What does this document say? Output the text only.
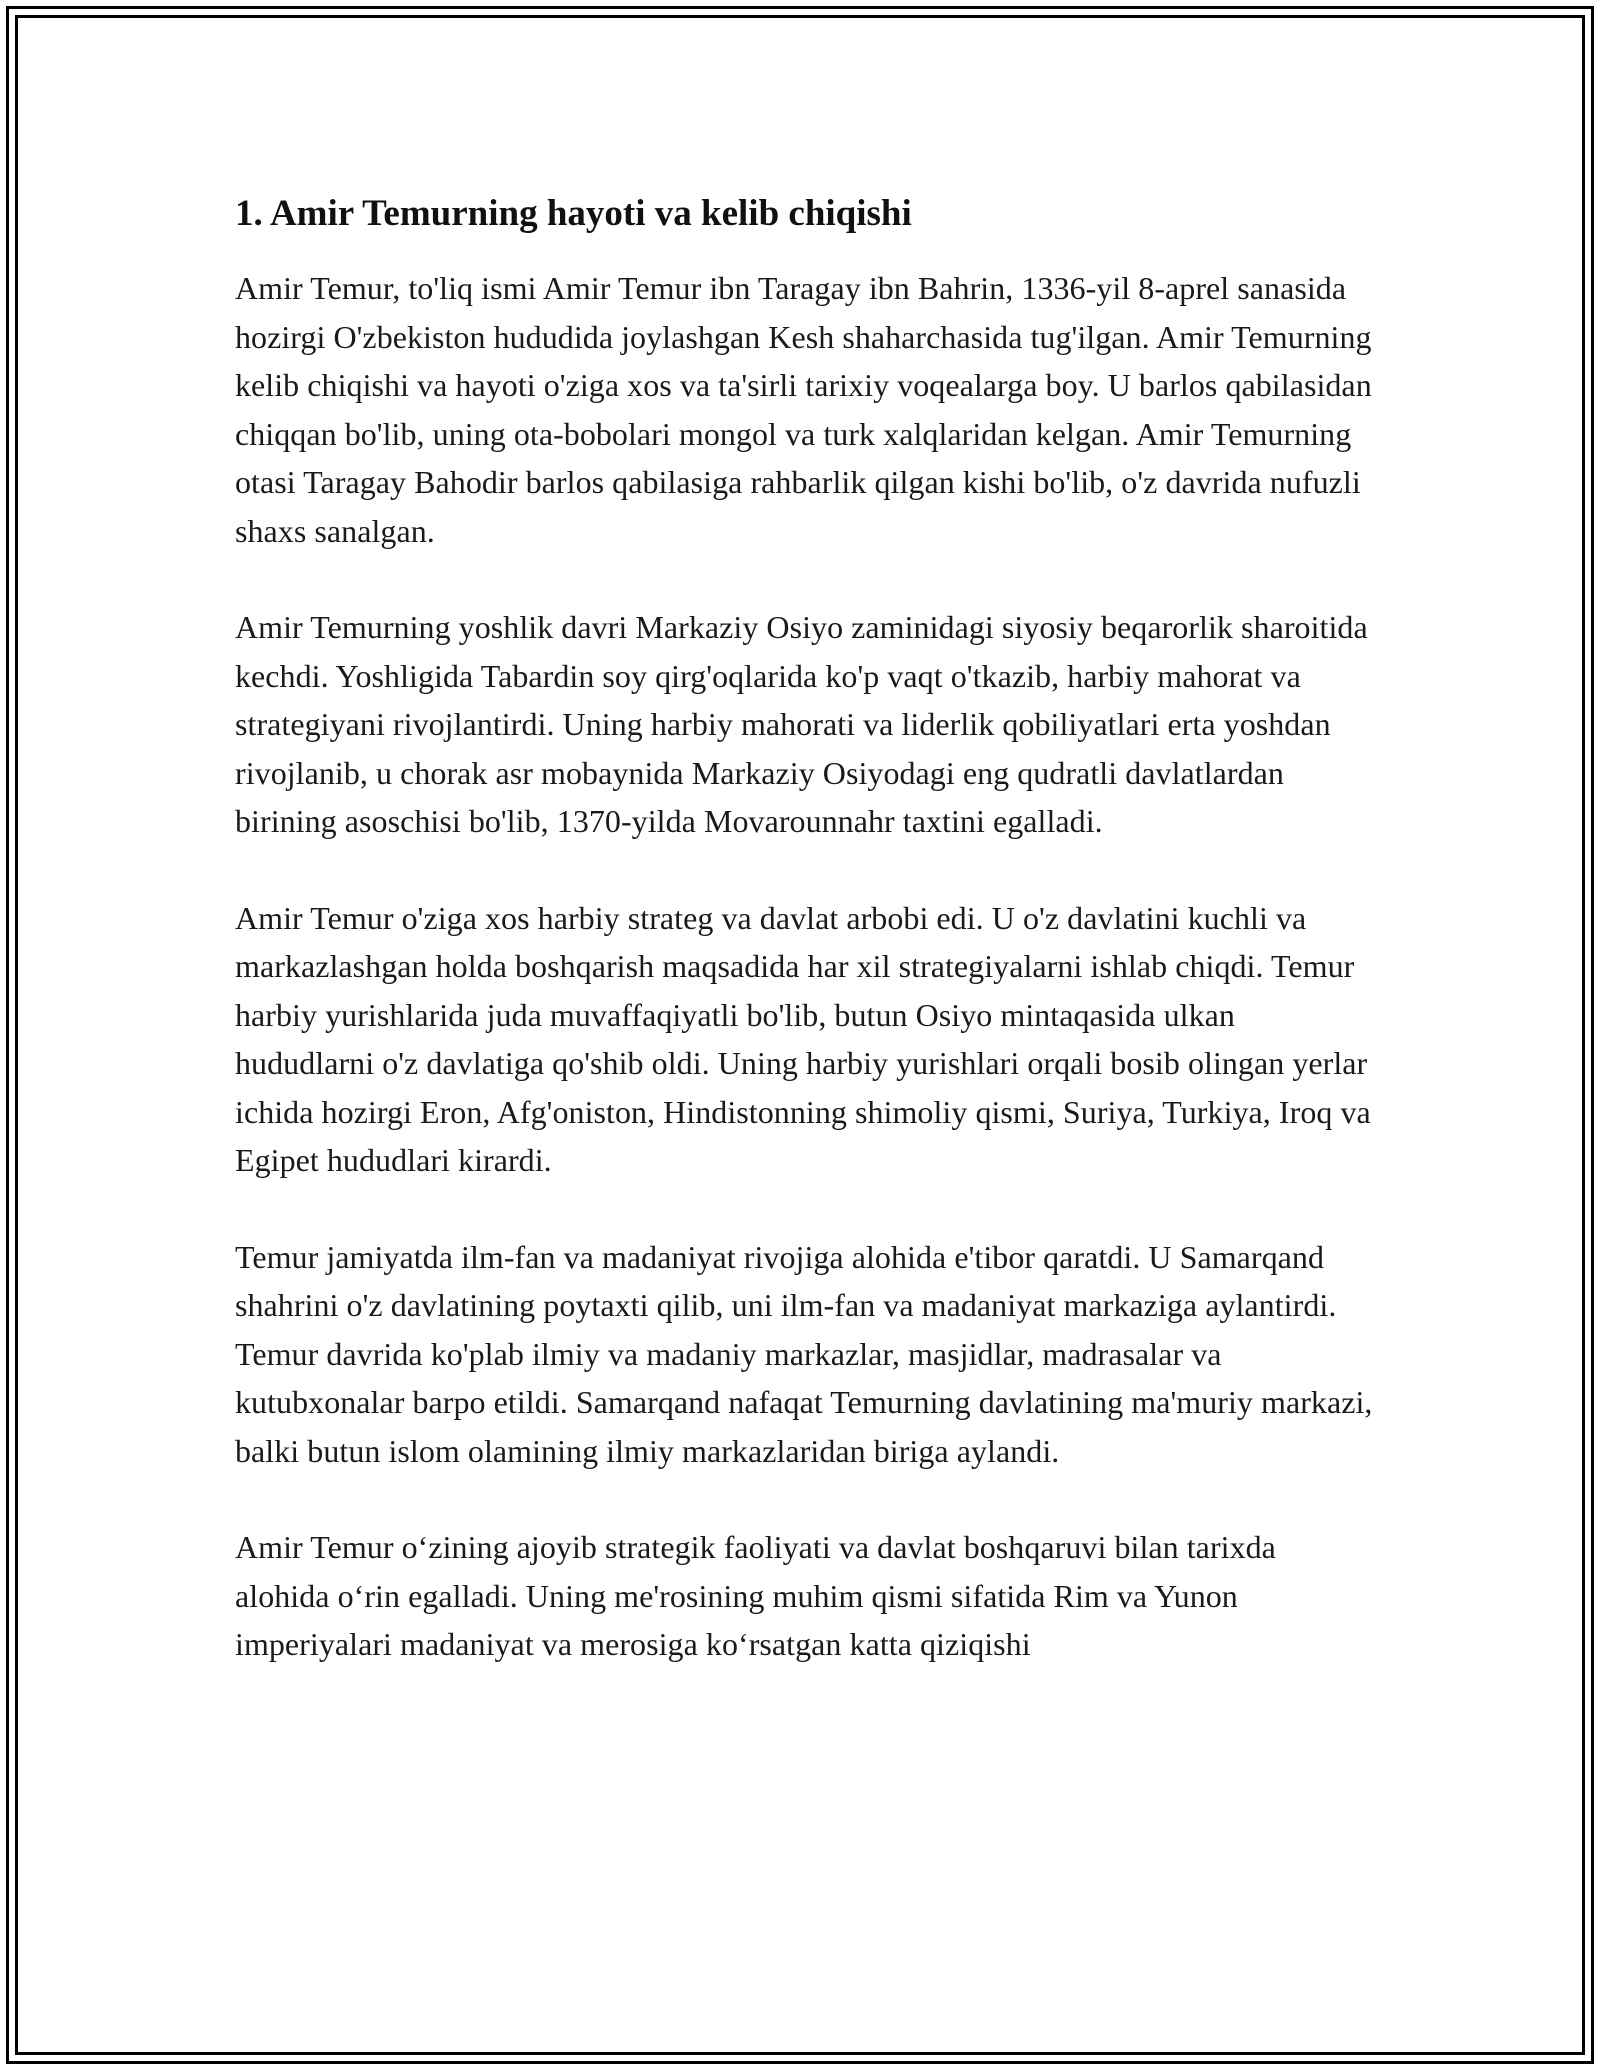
1. Amir Temurning hayoti va kelib chiqishi

Amir Temur, to'liq ismi Amir Temur ibn Taragay ibn Bahrin, 1336-yil 8-aprel sanasida hozirgi O'zbekiston hududida joylashgan Kesh shaharchasida tug'ilgan. Amir Temurning kelib chiqishi va hayoti o'ziga xos va ta'sirli tarixiy voqealarga boy. U barlos qabilasidan chiqqan bo'lib, uning ota-bobolari mongol va turk xalqlaridan kelgan. Amir Temurning otasi Taragay Bahodir barlos qabilasiga rahbarlik qilgan kishi bo'lib, o'z davrida nufuzli shaxs sanalgan.

Amir Temurning yoshlik davri Markaziy Osiyo zaminidagi siyosiy beqarorlik sharoitida kechdi. Yoshligida Tabardin soy qirg'oqlarida ko'p vaqt o'tkazib, harbiy mahorat va strategiyani rivojlantirdi. Uning harbiy mahorati va liderlik qobiliyatlari erta yoshdan rivojlanib, u chorak asr mobaynida Markaziy Osiyodagi eng qudratli davlatlardan birining asoschisi bo'lib, 1370-yilda Movarounnahr taxtini egalladi.

Amir Temur o'ziga xos harbiy strateg va davlat arbobi edi. U o'z davlatini kuchli va markazlashgan holda boshqarish maqsadida har xil strategiyalarni ishlab chiqdi. Temur harbiy yurishlarida juda muvaffaqiyatli bo'lib, butun Osiyo mintaqasida ulkan hududlarni o'z davlatiga qo'shib oldi. Uning harbiy yurishlari orqali bosib olingan yerlar ichida hozirgi Eron, Afg'oniston, Hindistonning shimoliy qismi, Suriya, Turkiya, Iroq va Egipet hududlari kirardi.

Temur jamiyatda ilm-fan va madaniyat rivojiga alohida e'tibor qaratdi. U Samarqand shahrini o'z davlatining poytaxti qilib, uni ilm-fan va madaniyat markaziga aylantirdi. Temur davrida ko'plab ilmiy va madaniy markazlar, masjidlar, madrasalar va kutubxonalar barpo etildi. Samarqand nafaqat Temurning davlatining ma'muriy markazi, balki butun islom olamining ilmiy markazlaridan biriga aylandi.

Amir Temur o‘zining ajoyib strategik faoliyati va davlat boshqaruvi bilan tarixda alohida o‘rin egalladi. Uning me'rosining muhim qismi sifatida Rim va Yunon imperiyalari madaniyat va merosiga ko‘rsatgan katta qiziqishi
